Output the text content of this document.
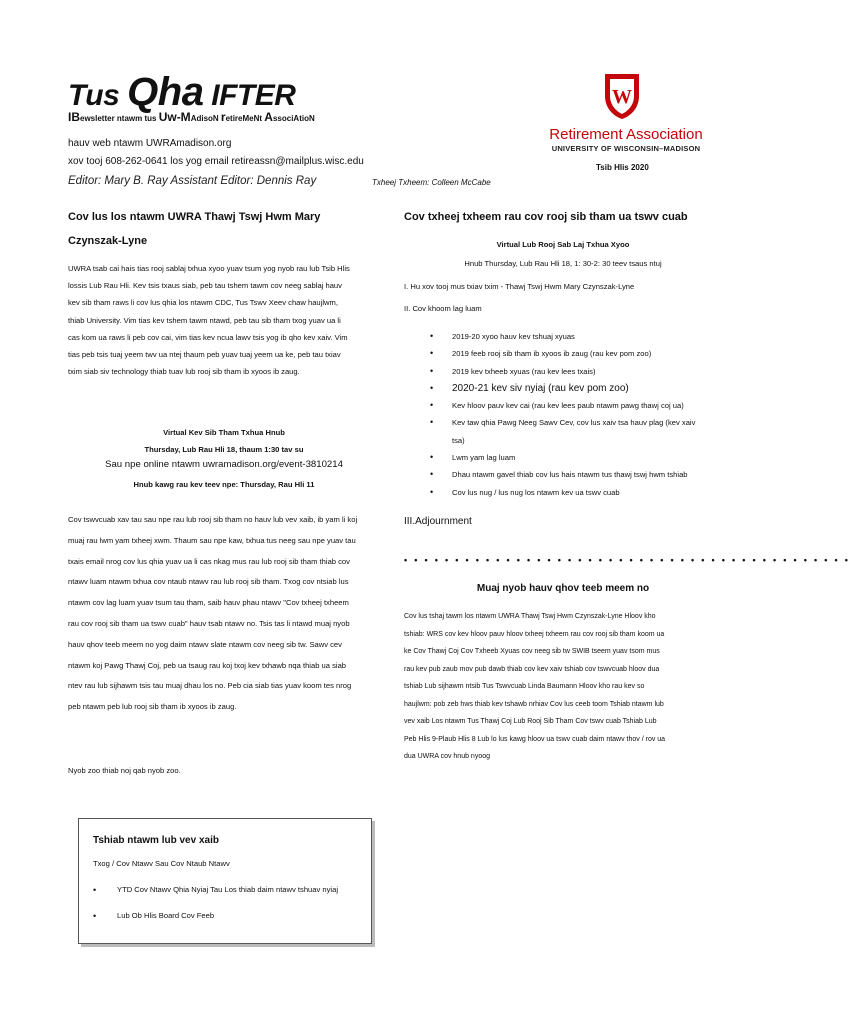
Tus Qha IFTER
IBewsletter ntawm tus Uw-MAdisoN retireMeNt AssociAtioN
hauv web ntawm UWRAmadison.org
xov tooj 608-262-0641 los yog email retireassn@mailplus.wisc.edu
Editor: Mary B. Ray Assistant Editor: Dennis Ray	Txheej Txheem: Colleen McCabe
W
Retirement Association
UNIVERSITY OF WISCONSIN–MADISON
Tsib Hlis 2020
Cov lus los ntawm UWRA Thawj Tswj Hwm Mary
Czynszak-Lyne
UWRA tsab cai hais tias rooj sablaj txhua xyoo yuav tsum yog nyob rau lub Tsib Hlis
lossis Lub Rau Hli. Kev tsis txaus siab, peb tau tshem tawm cov neeg sablaj hauv
kev sib tham raws li cov lus qhia los ntawm CDC, Tus Tswv Xeev chaw haujlwm,
thiab University. Vim tias kev tshem tawm ntawd, peb tau sib tham txog yuav ua li
cas kom ua raws li peb cov cai, vim tias kev ncua lawv tsis yog ib qho kev xaiv. Vim
tias peb tsis tuaj yeem twv ua ntej thaum peb yuav tuaj yeem ua ke, peb tau txiav
txim siab siv technology thiab tuav lub rooj sib tham ib xyoos ib zaug.
Virtual Kev Sib Tham Txhua Hnub
Thursday, Lub Rau Hli 18, thaum 1:30 tav su
Sau npe online ntawm uwramadison.org/event-3810214
Hnub kawg rau kev teev npe: Thursday, Rau Hli 11
Cov tswvcuab xav tau sau npe rau lub rooj sib tham no hauv lub vev xaib, ib yam li koj
muaj rau lwm yam txheej xwm. Thaum sau npe kaw, txhua tus neeg sau npe yuav tau
txais email nrog cov lus qhia yuav ua li cas nkag mus rau lub rooj sib tham thiab cov
ntawv luam ntawm txhua cov ntaub ntawv rau lub rooj sib tham. Txog cov ntsiab lus
ntawm cov lag luam yuav tsum tau tham, saib hauv phau ntawv "Cov txheej txheem
rau cov rooj sib tham ua tswv cuab" hauv tsab ntawv no. Tsis tas li ntawd muaj nyob
hauv qhov teeb meem no yog daim ntawv slate ntawm cov neeg sib tw. Sawv cev
ntawm koj Pawg Thawj Coj, peb ua tsaug rau koj txoj kev txhawb nqa thiab ua siab
ntev rau lub sijhawm tsis tau muaj dhau los no. Peb cia siab tias yuav koom tes nrog
peb ntawm peb lub rooj sib tham ib xyoos ib zaug.
Nyob zoo thiab noj qab nyob zoo.
Tshiab ntawm lub vev xaib
Txog / Cov Ntawv Sau Cov Ntaub Ntawv
• YTD Cov Ntawv Qhia Nyiaj Tau Los thiab daim ntawv tshuav nyiaj
• Lub Ob Hlis Board Cov Feeb
Cov txheej txheem rau cov rooj sib tham ua tswv cuab
Virtual Lub Rooj Sab Laj Txhua Xyoo
Hnub Thursday, Lub Rau Hli 18, 1: 30-2: 30 teev tsaus ntuj
I. Hu xov tooj mus txiav txim - Thawj Tswj Hwm Mary Czynszak-Lyne
II. Cov khoom lag luam
• 2019-20 xyoo hauv kev tshuaj xyuas
• 2019 feeb rooj sib tham ib xyoos ib zaug (rau kev pom zoo)
• 2019 kev txheeb xyuas (rau kev lees txais)
• 2020-21 kev siv nyiaj (rau kev pom zoo)
• Kev hloov pauv kev cai (rau kev lees paub ntawm pawg thawj coj ua)
• Kev taw qhia Pawg Neeg Sawv Cev, cov lus xaiv tsa hauv plag (kev xaiv
tsa)
• Lwm yam lag luam
• Dhau ntawm gavel thiab cov lus hais ntawm tus thawj tswj hwm tshiab
• Cov lus nug / lus nug los ntawm kev ua tswv cuab
III.Adjournment
• • • • • • • • • • • • • • • • • • • • • • • • • • • • • • • • • • • • • • • • • • • •
Muaj nyob hauv qhov teeb meem no
Cov lus tshaj tawm los ntawm UWRA Thawj Tswj Hwm Czynszak-Lyne Hloov kho
tshiab: WRS cov kev hloov pauv hloov txheej txheem rau cov rooj sib tham koom ua
ke Cov Thawj Coj Cov Txheeb Xyuas cov neeg sib tw SWIB tseem yuav tsom mus
rau kev pub zaub mov pub dawb thiab cov kev xaiv tshiab cov tswvcuab hloov dua
tshiab Lub sijhawm ntsib Tus Tswvcuab Linda Baumann Hloov kho rau kev so
haujlwm: pob zeb hws thiab kev tshawb nrhiav Cov lus ceeb toom Tshiab ntawm lub
vev xaib Los ntawm Tus Thawj Coj Lub Rooj Sib Tham Cov tswv cuab Tshiab Lub
Peb Hlis 9-Plaub Hlis 8 Lub lo lus kawg hloov ua tswv cuab daim ntawv thov / rov ua
dua UWRA cov hnub nyoog
